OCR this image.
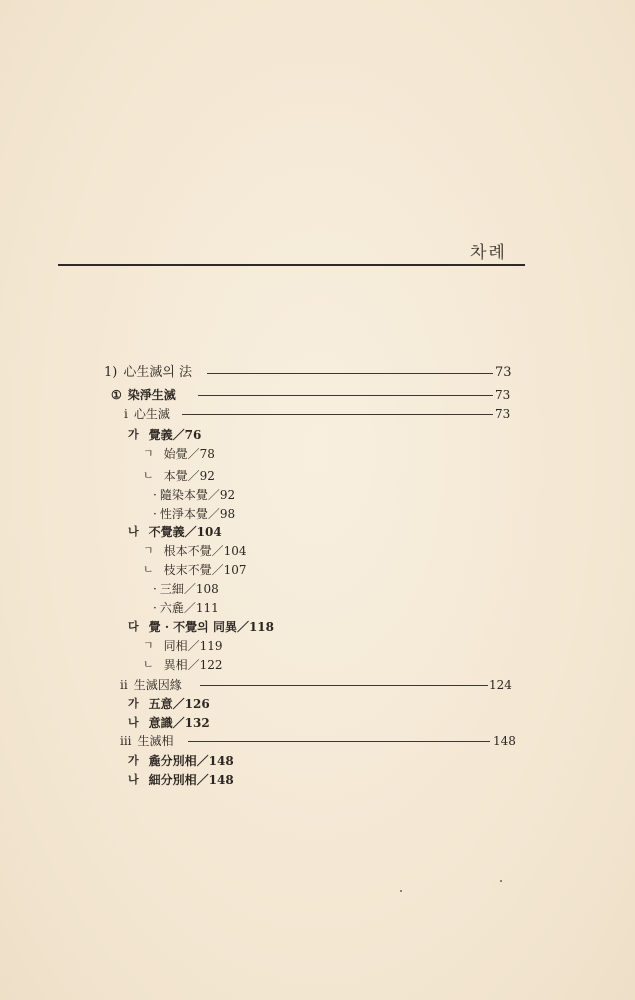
차례
1) 心生滅의 法	73
① 染淨生滅	73
i 心生滅	73
가 覺義／76
ㄱ 始覺／78
ㄴ 本覺／92
· 隨染本覺／92
· 性淨本覺／98
나 不覺義／104
ㄱ 根本不覺／104
ㄴ 枝末不覺／107
· 三細／108
· 六麁／111
다 覺 · 不覺의 同異／118
ㄱ 同相／119
ㄴ 異相／122
ii 生滅因緣	124
가 五意／126
나 意識／132
iii 生滅相	148
가 麁分別相／148
나 細分別相／148
